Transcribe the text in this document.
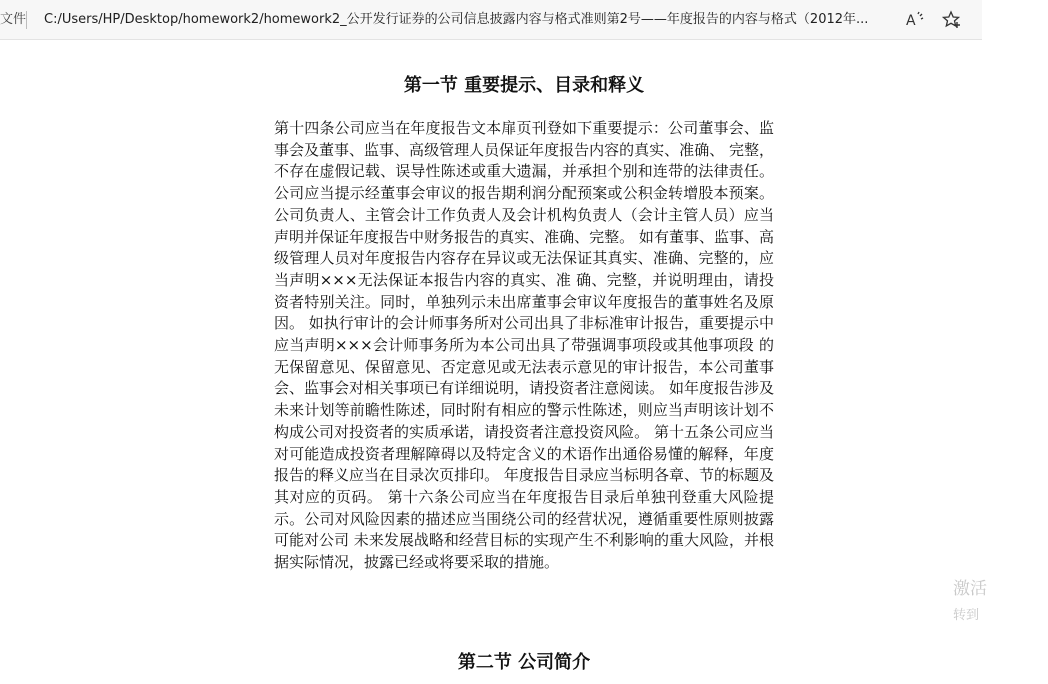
文件 C:/Users/HP/Desktop/homework2/homework2_公开发行证券的公司信息披露内容与格式准则第2号——年度报告的内容与格式（2012年...	A
第一节 重要提示、目录和释义

第十四条公司应当在年度报告文本扉页刊登如下重要提示：公司董事会、监事会及董事、监事、高级管理人员保证年度报告内容的真实、准确、 完整，不存在虚假记载、误导性陈述或重大遗漏，并承担个别和连带的法律责任。 公司应当提示经董事会审议的报告期利润分配预案或公积金转增股本预案。 公司负责人、主管会计工作负责人及会计机构负责人（会计主管人员）应当声明并保证年度报告中财务报告的真实、准确、完整。 如有董事、监事、高级管理人员对年度报告内容存在异议或无法保证其真实、准确、完整的，应当声明×××无法保证本报告内容的真实、准 确、完整，并说明理由，请投资者特别关注。同时，单独列示未出席董事会审议年度报告的董事姓名及原因。 如执行审计的会计师事务所对公司出具了非标准审计报告，重要提示中应当声明×××会计师事务所为本公司出具了带强调事项段或其他事项段 的无保留意见、保留意见、否定意见或无法表示意见的审计报告，本公司董事会、监事会对相关事项已有详细说明，请投资者注意阅读。 如年度报告涉及未来计划等前瞻性陈述，同时附有相应的警示性陈述，则应当声明该计划不构成公司对投资者的实质承诺，请投资者注意投资风险。 第十五条公司应当对可能造成投资者理解障碍以及特定含义的术语作出通俗易懂的解释，年度报告的释义应当在目录次页排印。 年度报告目录应当标明各章、节的标题及其对应的页码。 第十六条公司应当在年度报告目录后单独刊登重大风险提示。公司对风险因素的描述应当围绕公司的经营状况，遵循重要性原则披露可能对公司 未来发展战略和经营目标的实现产生不利影响的重大风险，并根据实际情况，披露已经或将要采取的措施。

第二节 公司简介
激活
转到
